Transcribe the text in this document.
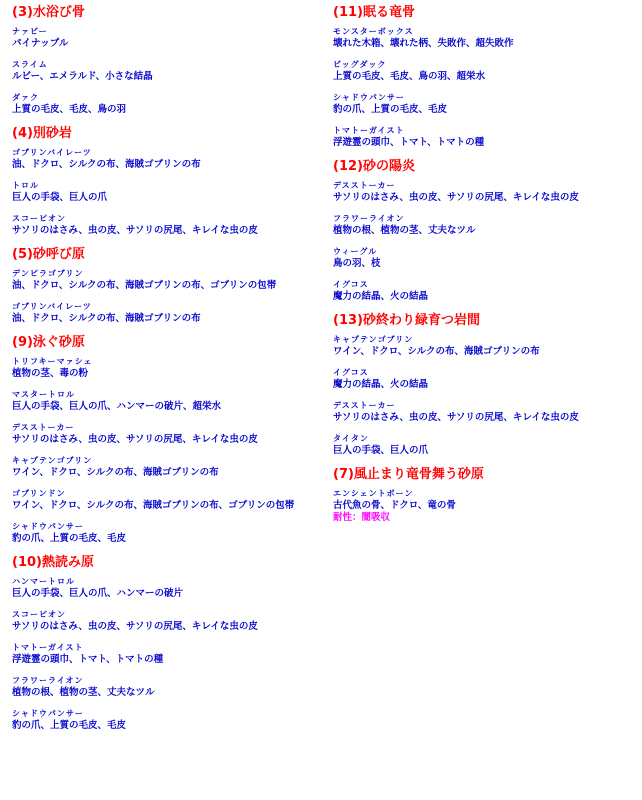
(3)水浴び骨
ナァビー
パイナップル
スライム
ルビー、エメラルド、小さな結晶
ダァク
上質の毛皮、毛皮、鳥の羽
(4)別砂岩
ゴブリンバイレーツ
油、ドクロ、シルクの布、海賊ゴブリンの布
トロル
巨人の手袋、巨人の爪
スコーピオン
サソリのはさみ、虫の皮、サソリの尻尾、キレイな虫の皮
(5)砂呼び原
デンピラゴブリン
油、ドクロ、シルクの布、海賊ゴブリンの布、ゴブリンの包帯
ゴブリンバイレーツ
油、ドクロ、シルクの布、海賊ゴブリンの布
(9)泳ぐ砂原
トリフキーマァシェ
植物の茎、毒の粉
マスタートロル
巨人の手袋、巨人の爪、ハンマーの破片、超栄水
デスストーカー
サソリのはさみ、虫の皮、サソリの尻尾、キレイな虫の皮
キャプテンゴブリン
ワイン、ドクロ、シルクの布、海賊ゴブリンの布
ゴブリンドン
ワイン、ドクロ、シルクの布、海賊ゴブリンの布、ゴブリンの包帯
シャドウパンサー
豹の爪、上質の毛皮、毛皮
(10)熱読み原
ハンマートロル
巨人の手袋、巨人の爪、ハンマーの破片
スコーピオン
サソリのはさみ、虫の皮、サソリの尻尾、キレイな虫の皮
トマトーガイスト
浮遊霊の頭巾、トマト、トマトの種
フラワーライオン
植物の根、植物の茎、丈夫なツル
シャドウパンサー
豹の爪、上質の毛皮、毛皮
(11)眠る竜骨
モンスターボックス
壊れた木箱、壊れた柄、失敗作、超失敗作
ビッグダック
上質の毛皮、毛皮、鳥の羽、超栄水
シャドウパンサー
豹の爪、上質の毛皮、毛皮
トマトーガイスト
浮遊霊の頭巾、トマト、トマトの種
(12)砂の陽炎
デスストーカー
サソリのはさみ、虫の皮、サソリの尻尾、キレイな虫の皮
フラワーライオン
植物の根、植物の茎、丈夫なツル
ウィーグル
鳥の羽、枝
イグコス
魔力の結晶、火の結晶
(13)砂終わり緑育つ岩間
キャプテンゴブリン
ワイン、ドクロ、シルクの布、海賊ゴブリンの布
イグコス
魔力の結晶、火の結晶
デスストーカー
サソリのはさみ、虫の皮、サソリの尻尾、キレイな虫の皮
タイタン
巨人の手袋、巨人の爪
(7)風止まり竜骨舞う砂原
エンシェントボーン
古代魚の骨、ドクロ、竜の骨
耐性：闇吸収
